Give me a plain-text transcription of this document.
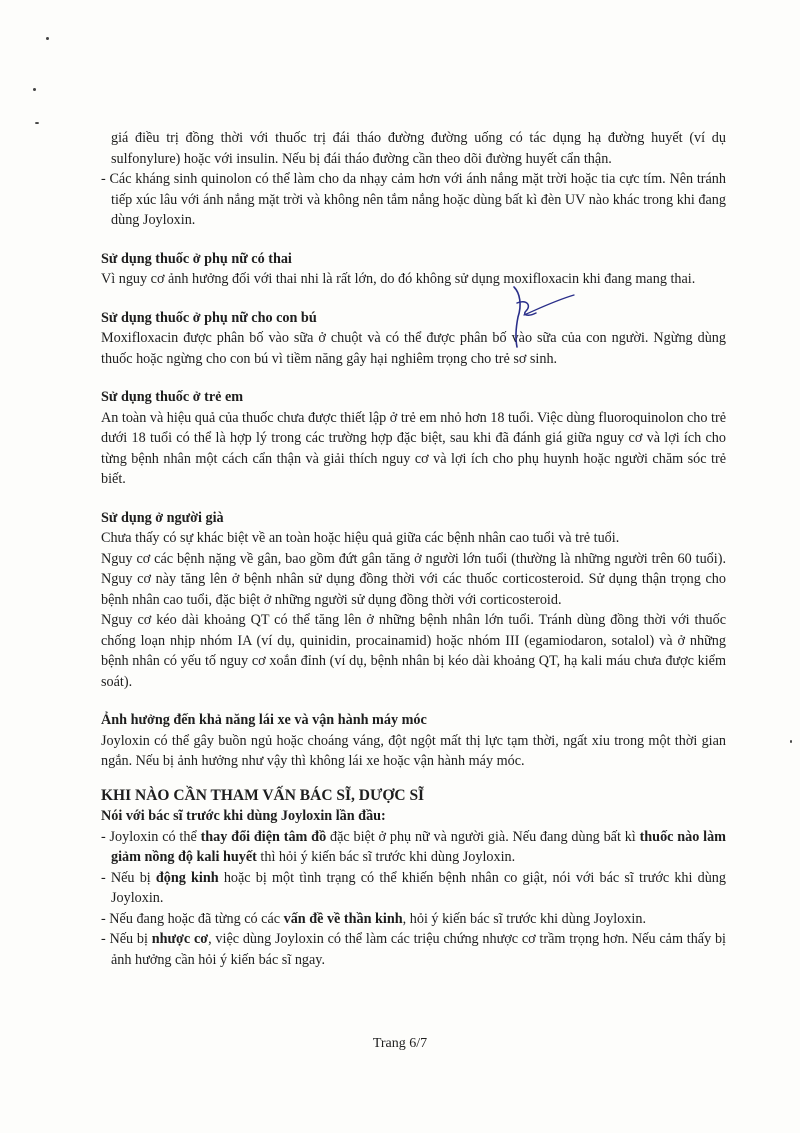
giá điều trị đồng thời với thuốc trị đái tháo đường đường uống có tác dụng hạ đường huyết (ví dụ sulfonylure) hoặc với insulin. Nếu bị đái tháo đường cần theo dõi đường huyết cẩn thận.

- Các kháng sinh quinolon có thể làm cho da nhạy cảm hơn với ánh nắng mặt trời hoặc tia cực tím. Nên tránh tiếp xúc lâu với ánh nắng mặt trời và không nên tắm nắng hoặc dùng bất kì đèn UV nào khác trong khi đang dùng Joyloxin.

Sử dụng thuốc ở phụ nữ có thai

Vì nguy cơ ảnh hưởng đối với thai nhi là rất lớn, do đó không sử dụng moxifloxacin khi đang mang thai.

Sử dụng thuốc ở phụ nữ cho con bú

Moxifloxacin được phân bố vào sữa ở chuột và có thể được phân bố vào sữa của con người. Ngừng dùng thuốc hoặc ngừng cho con bú vì tiềm năng gây hại nghiêm trọng cho trẻ sơ sinh.

Sử dụng thuốc ở trẻ em

An toàn và hiệu quả của thuốc chưa được thiết lập ở trẻ em nhỏ hơn 18 tuổi. Việc dùng fluoroquinolon cho trẻ dưới 18 tuổi có thể là hợp lý trong các trường hợp đặc biệt, sau khi đã đánh giá giữa nguy cơ và lợi ích cho từng bệnh nhân một cách cẩn thận và giải thích nguy cơ và lợi ích cho phụ huynh hoặc người chăm sóc trẻ biết.

Sử dụng ở người già

Chưa thấy có sự khác biệt về an toàn hoặc hiệu quả giữa các bệnh nhân cao tuổi và trẻ tuổi.

Nguy cơ các bệnh nặng về gân, bao gồm đứt gân tăng ở người lớn tuổi (thường là những người trên 60 tuổi). Nguy cơ này tăng lên ở bệnh nhân sử dụng đồng thời với các thuốc corticosteroid. Sử dụng thận trọng cho bệnh nhân cao tuổi, đặc biệt ở những người sử dụng đồng thời với corticosteroid.

Nguy cơ kéo dài khoảng QT có thể tăng lên ở những bệnh nhân lớn tuổi. Tránh dùng đồng thời với thuốc chống loạn nhịp nhóm IA (ví dụ, quinidin, procainamid) hoặc nhóm III (egamiodaron, sotalol) và ở những bệnh nhân có yếu tố nguy cơ xoắn đỉnh (ví dụ, bệnh nhân bị kéo dài khoảng QT, hạ kali máu chưa được kiểm soát).

Ảnh hưởng đến khả năng lái xe và vận hành máy móc

Joyloxin có thể gây buồn ngủ hoặc choáng váng, đột ngột mất thị lực tạm thời, ngất xỉu trong một thời gian ngắn. Nếu bị ảnh hưởng như vậy thì không lái xe hoặc vận hành máy móc.

KHI NÀO CẦN THAM VẤN BÁC SĨ, DƯỢC SĨ

Nói với bác sĩ trước khi dùng Joyloxin lần đầu:

- Joyloxin có thể thay đổi điện tâm đồ đặc biệt ở phụ nữ và người già. Nếu đang dùng bất kì thuốc nào làm giảm nồng độ kali huyết thì hỏi ý kiến bác sĩ trước khi dùng Joyloxin.

- Nếu bị động kinh hoặc bị một tình trạng có thể khiến bệnh nhân co giật, nói với bác sĩ trước khi dùng Joyloxin.

- Nếu đang hoặc đã từng có các vấn đề về thần kinh, hỏi ý kiến bác sĩ trước khi dùng Joyloxin.

- Nếu bị nhược cơ, việc dùng Joyloxin có thể làm các triệu chứng nhược cơ trầm trọng hơn. Nếu cảm thấy bị ảnh hưởng cần hỏi ý kiến bác sĩ ngay.

Trang 6/7
